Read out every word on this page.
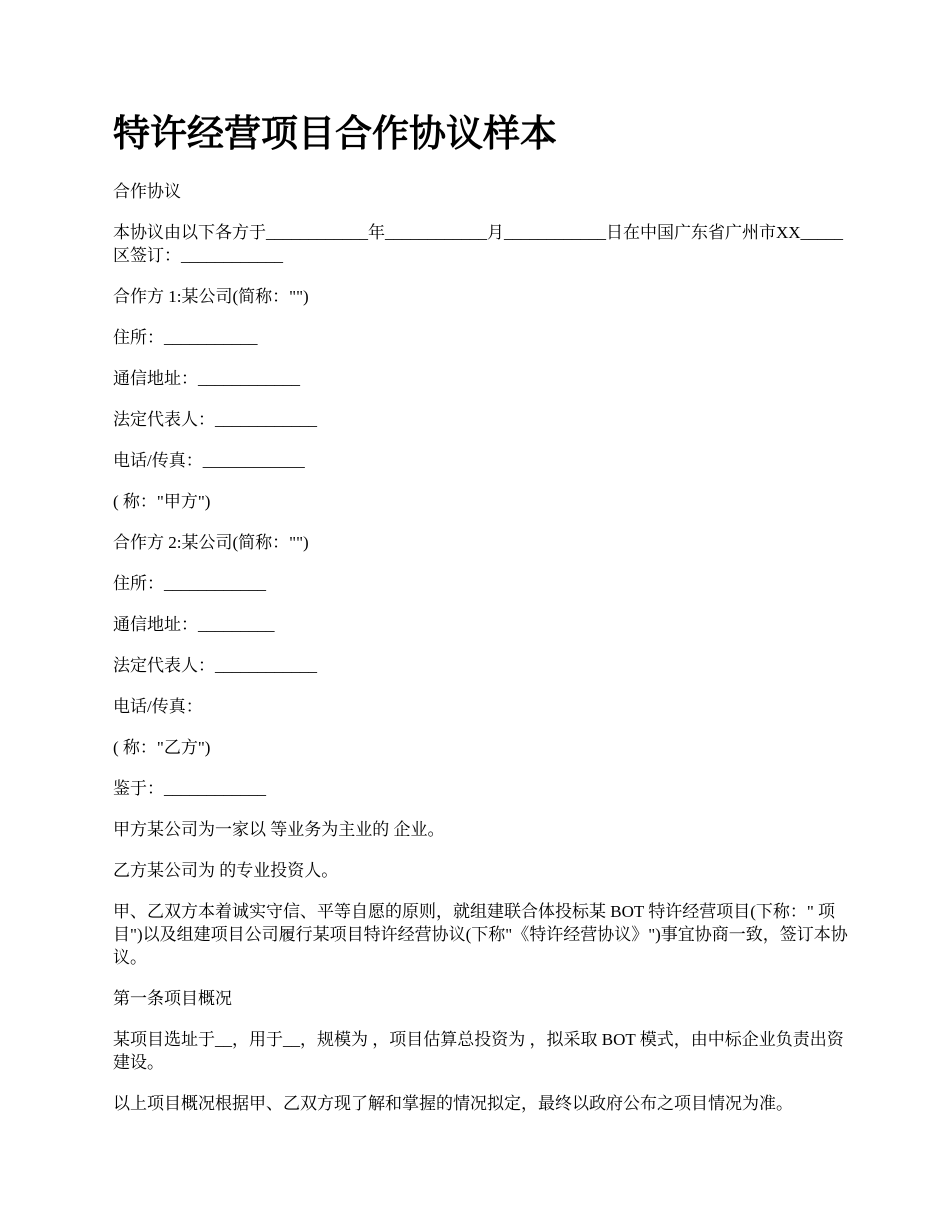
特许经营项目合作协议样本

合作协议

本协议由以下各方于____________年____________月____________日在中国广东省广州市XX_____区签订：____________

合作方 1:某公司(简称："")

住所：___________

通信地址：____________

法定代表人：____________

电话/传真：____________

( 称："甲方")

合作方 2:某公司(简称："")

住所：____________

通信地址：_________

法定代表人：____________

电话/传真：

( 称："乙方")

鉴于：____________

甲方某公司为一家以 等业务为主业的 企业。

乙方某公司为 的专业投资人。

甲、乙双方本着诚实守信、平等自愿的原则，就组建联合体投标某 BOT 特许经营项目(下称：" 项目")以及组建项目公司履行某项目特许经营协议(下称"《特许经营协议》")事宜协商一致，签订本协议。

第一条项目概况

某项目选址于__，用于__，规模为 ，项目估算总投资为 ，拟采取 BOT 模式，由中标企业负责出资建设。

以上项目概况根据甲、乙双方现了解和掌握的情况拟定，最终以政府公布之项目情况为准。
